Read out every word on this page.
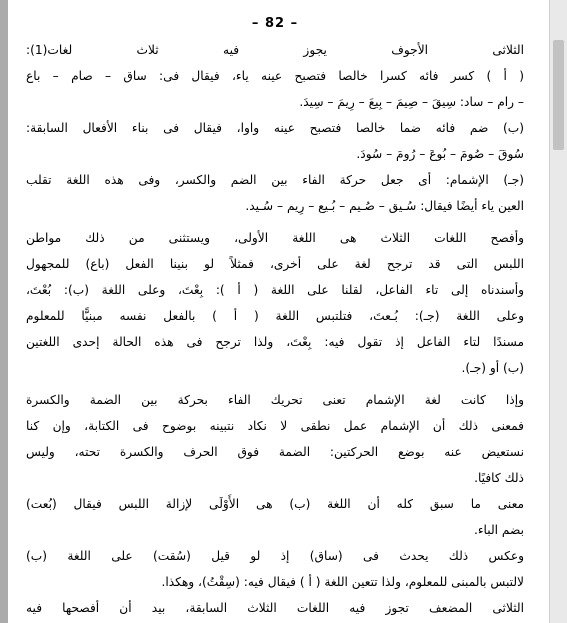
– 82 –
الثلاثى الأجوف يجوز فيه ثلاث لغات(1):
( أ ) كسر فائه كسرا خالصا فتصبح عينه ياء، فيقال فى: ساق – صام – باع
– رام – ساد: سِيقَ – صِيمَ – بِيعَ – رِيمَ – سِيدَ.
(ب) ضم فائه ضما خالصا فتصبح عينه واوا، فيقال فى بناء الأفعال السابقة:
سُوقَ – صُومَ – بُوعَ – رُومَ – سُودَ.
(جـ) الإشمام: أى جعل حركة الفاء بين الضم والكسر، وفى هذه اللغة تقلب
العين ياء أيضًا فيقال: سُـيق – صُـيم – بُـيع – رِيم – سُـيد.
وأفصح اللغات الثلاث هى اللغة الأولى، ويستثنى من ذلك مواطن
اللبس التى قد ترجح لغة على أخرى، فمثلاً لو بنينا الفعل (باع) للمجهول
وأسندناه إلى تاء الفاعل، لقلنا على اللغة ( أ ): بِعْتَ، وعلى اللغة (ب): بُعْتَ،
وعلى اللغة (جـ): بُـعتَ، فتلتبس اللغة ( أ ) بالفعل نفسه مبنيًّا للمعلوم
مسندًا لتاء الفاعل إذ تقول فيه: بِعْتَ، ولذا ترجح فى هذه الحالة إحدى اللغتين
(ب) أو (جـ).
وإذا كانت لغة الإشمام تعنى تحريك الفاء بحركة بين الضمة والكسرة
فمعنى ذلك أن الإشمام عمل نطقى لا نكاد نتبينه بوضوح فى الكتابة، وإن كنا
نستعيض عنه بوضع الحركتين: الضمة فوق الحرف والكسرة تحته، وليس
ذلك كافيًا.
معنى ما سبق كله أن اللغة (ب) هى الأَوْلَى لإزالة اللبس فيقال (بُعت)
بضم الباء.
وعكس ذلك يحدث فى (ساق) إذ لو قيل (سُقت) على اللغة (ب)
لالتبس بالمبنى للمعلوم، ولذا تتعين اللغة ( أ ) فيقال فيه: (سِقْتُ)، وهكذا.
الثلاثى المضعف تجوز فيه اللغات الثلاث السابقة، بيد أن أفصحها فيه
